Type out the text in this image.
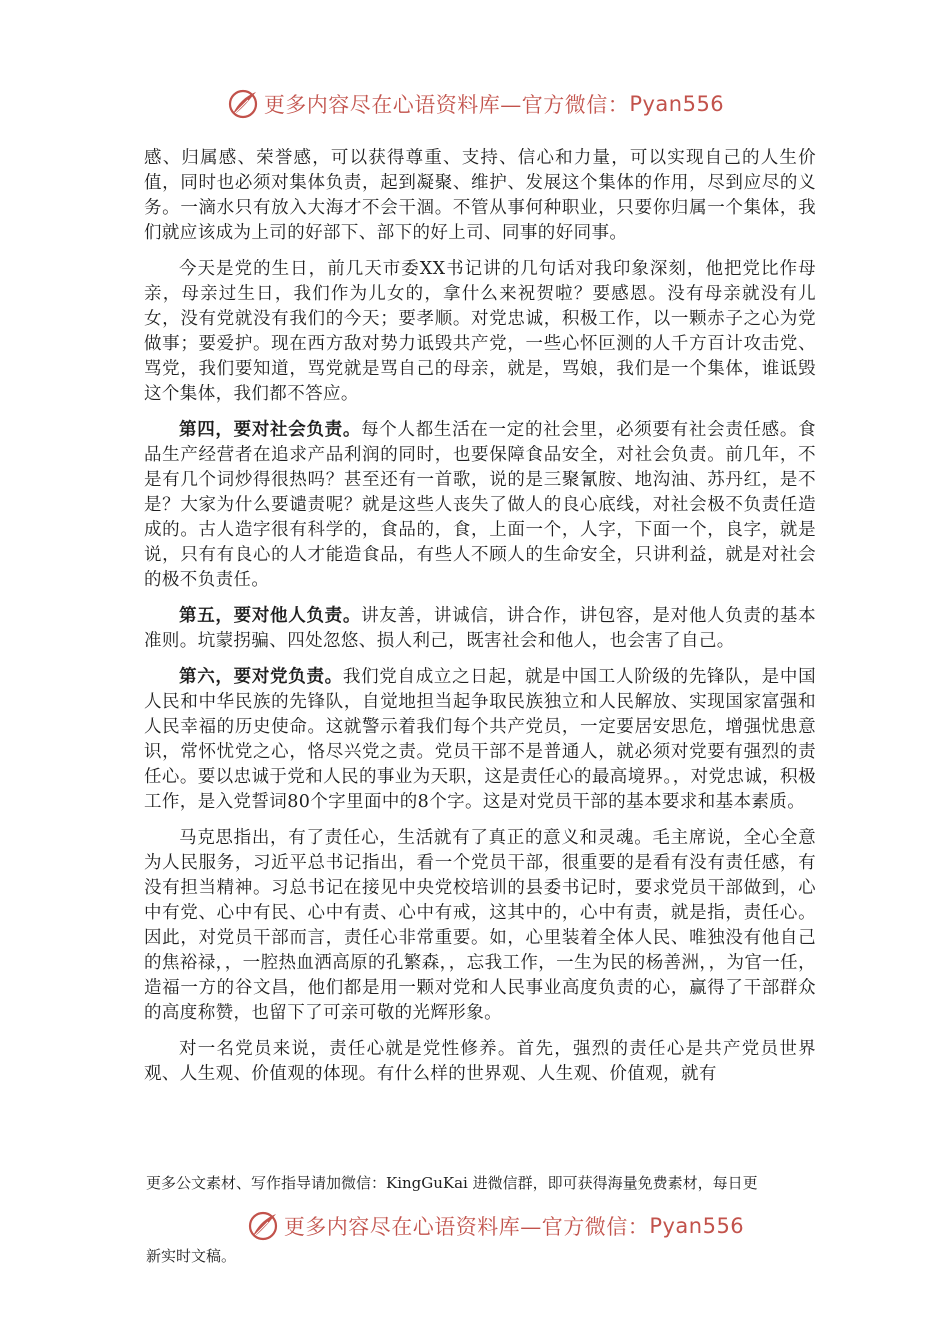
更多内容尽在心语资料库—官方微信： Pyan556

感、归属感、荣誉感，可以获得尊重、支持、信心和力量，可以实现自己的人生价值，同时也必须对集体负责，起到凝聚、维护、发展这个集体的作用，尽到应尽的义务。一滴水只有放入大海才不会干涸。不管从事何种职业，只要你归属一个集体，我们就应该成为上司的好部下、部下的好上司、同事的好同事。

今天是党的生日，前几天市委XX书记讲的几句话对我印象深刻，他把党比作母亲，母亲过生日，我们作为儿女的，拿什么来祝贺啦？要感恩。没有母亲就没有儿女，没有党就没有我们的今天；要孝顺。对党忠诚，积极工作，以一颗赤子之心为党做事；要爱护。现在西方敌对势力诋毁共产党，一些心怀叵测的人千方百计攻击党、骂党，我们要知道，骂党就是骂自己的母亲，就是，骂娘，我们是一个集体，谁诋毁这个集体，我们都不答应。

第四，要对社会负责。每个人都生活在一定的社会里，必须要有社会责任感。食品生产经营者在追求产品利润的同时，也要保障食品安全，对社会负责。前几年，不是有几个词炒得很热吗？甚至还有一首歌，说的是三聚氰胺、地沟油、苏丹红，是不是？大家为什么要谴责呢？就是这些人丧失了做人的良心底线，对社会极不负责任造成的。古人造字很有科学的，食品的，食，上面一个，人字，下面一个，良字，就是说，只有有良心的人才能造食品，有些人不顾人的生命安全，只讲利益，就是对社会的极不负责任。

第五，要对他人负责。讲友善，讲诚信，讲合作，讲包容，是对他人负责的基本准则。坑蒙拐骗、四处忽悠、损人利己，既害社会和他人，也会害了自己。

第六，要对党负责。我们党自成立之日起，就是中国工人阶级的先锋队，是中国人民和中华民族的先锋队，自觉地担当起争取民族独立和人民解放、实现国家富强和人民幸福的历史使命。这就警示着我们每个共产党员，一定要居安思危，增强忧患意识，常怀忧党之心，恪尽兴党之责。党员干部不是普通人，就必须对党要有强烈的责任心。要以忠诚于党和人民的事业为天职，这是责任心的最高境界。，对党忠诚，积极工作，是入党誓词80个字里面中的8个字。这是对党员干部的基本要求和基本素质。

马克思指出，有了责任心，生活就有了真正的意义和灵魂。毛主席说，全心全意为人民服务，习近平总书记指出，看一个党员干部，很重要的是看有没有责任感，有没有担当精神。习总书记在接见中央党校培训的县委书记时，要求党员干部做到，心中有党、心中有民、心中有责、心中有戒，这其中的，心中有责，就是指，责任心。因此，对党员干部而言，责任心非常重要。如，心里装着全体人民、唯独没有他自己的焦裕禄，，一腔热血洒高原的孔繁森，，忘我工作，一生为民的杨善洲，，为官一任，造福一方的谷文昌，他们都是用一颗对党和人民事业高度负责的心，赢得了干部群众的高度称赞，也留下了可亲可敬的光辉形象。

对一名党员来说，责任心就是党性修养。首先，强烈的责任心是共产党员世界观、人生观、价值观的体现。有什么样的世界观、人生观、价值观，就有

更多公文素材、写作指导请加微信：KingGuKai 进微信群，即可获得海量免费素材，每日更
更多内容尽在心语资料库—官方微信： Pyan556
新实时文稿。
